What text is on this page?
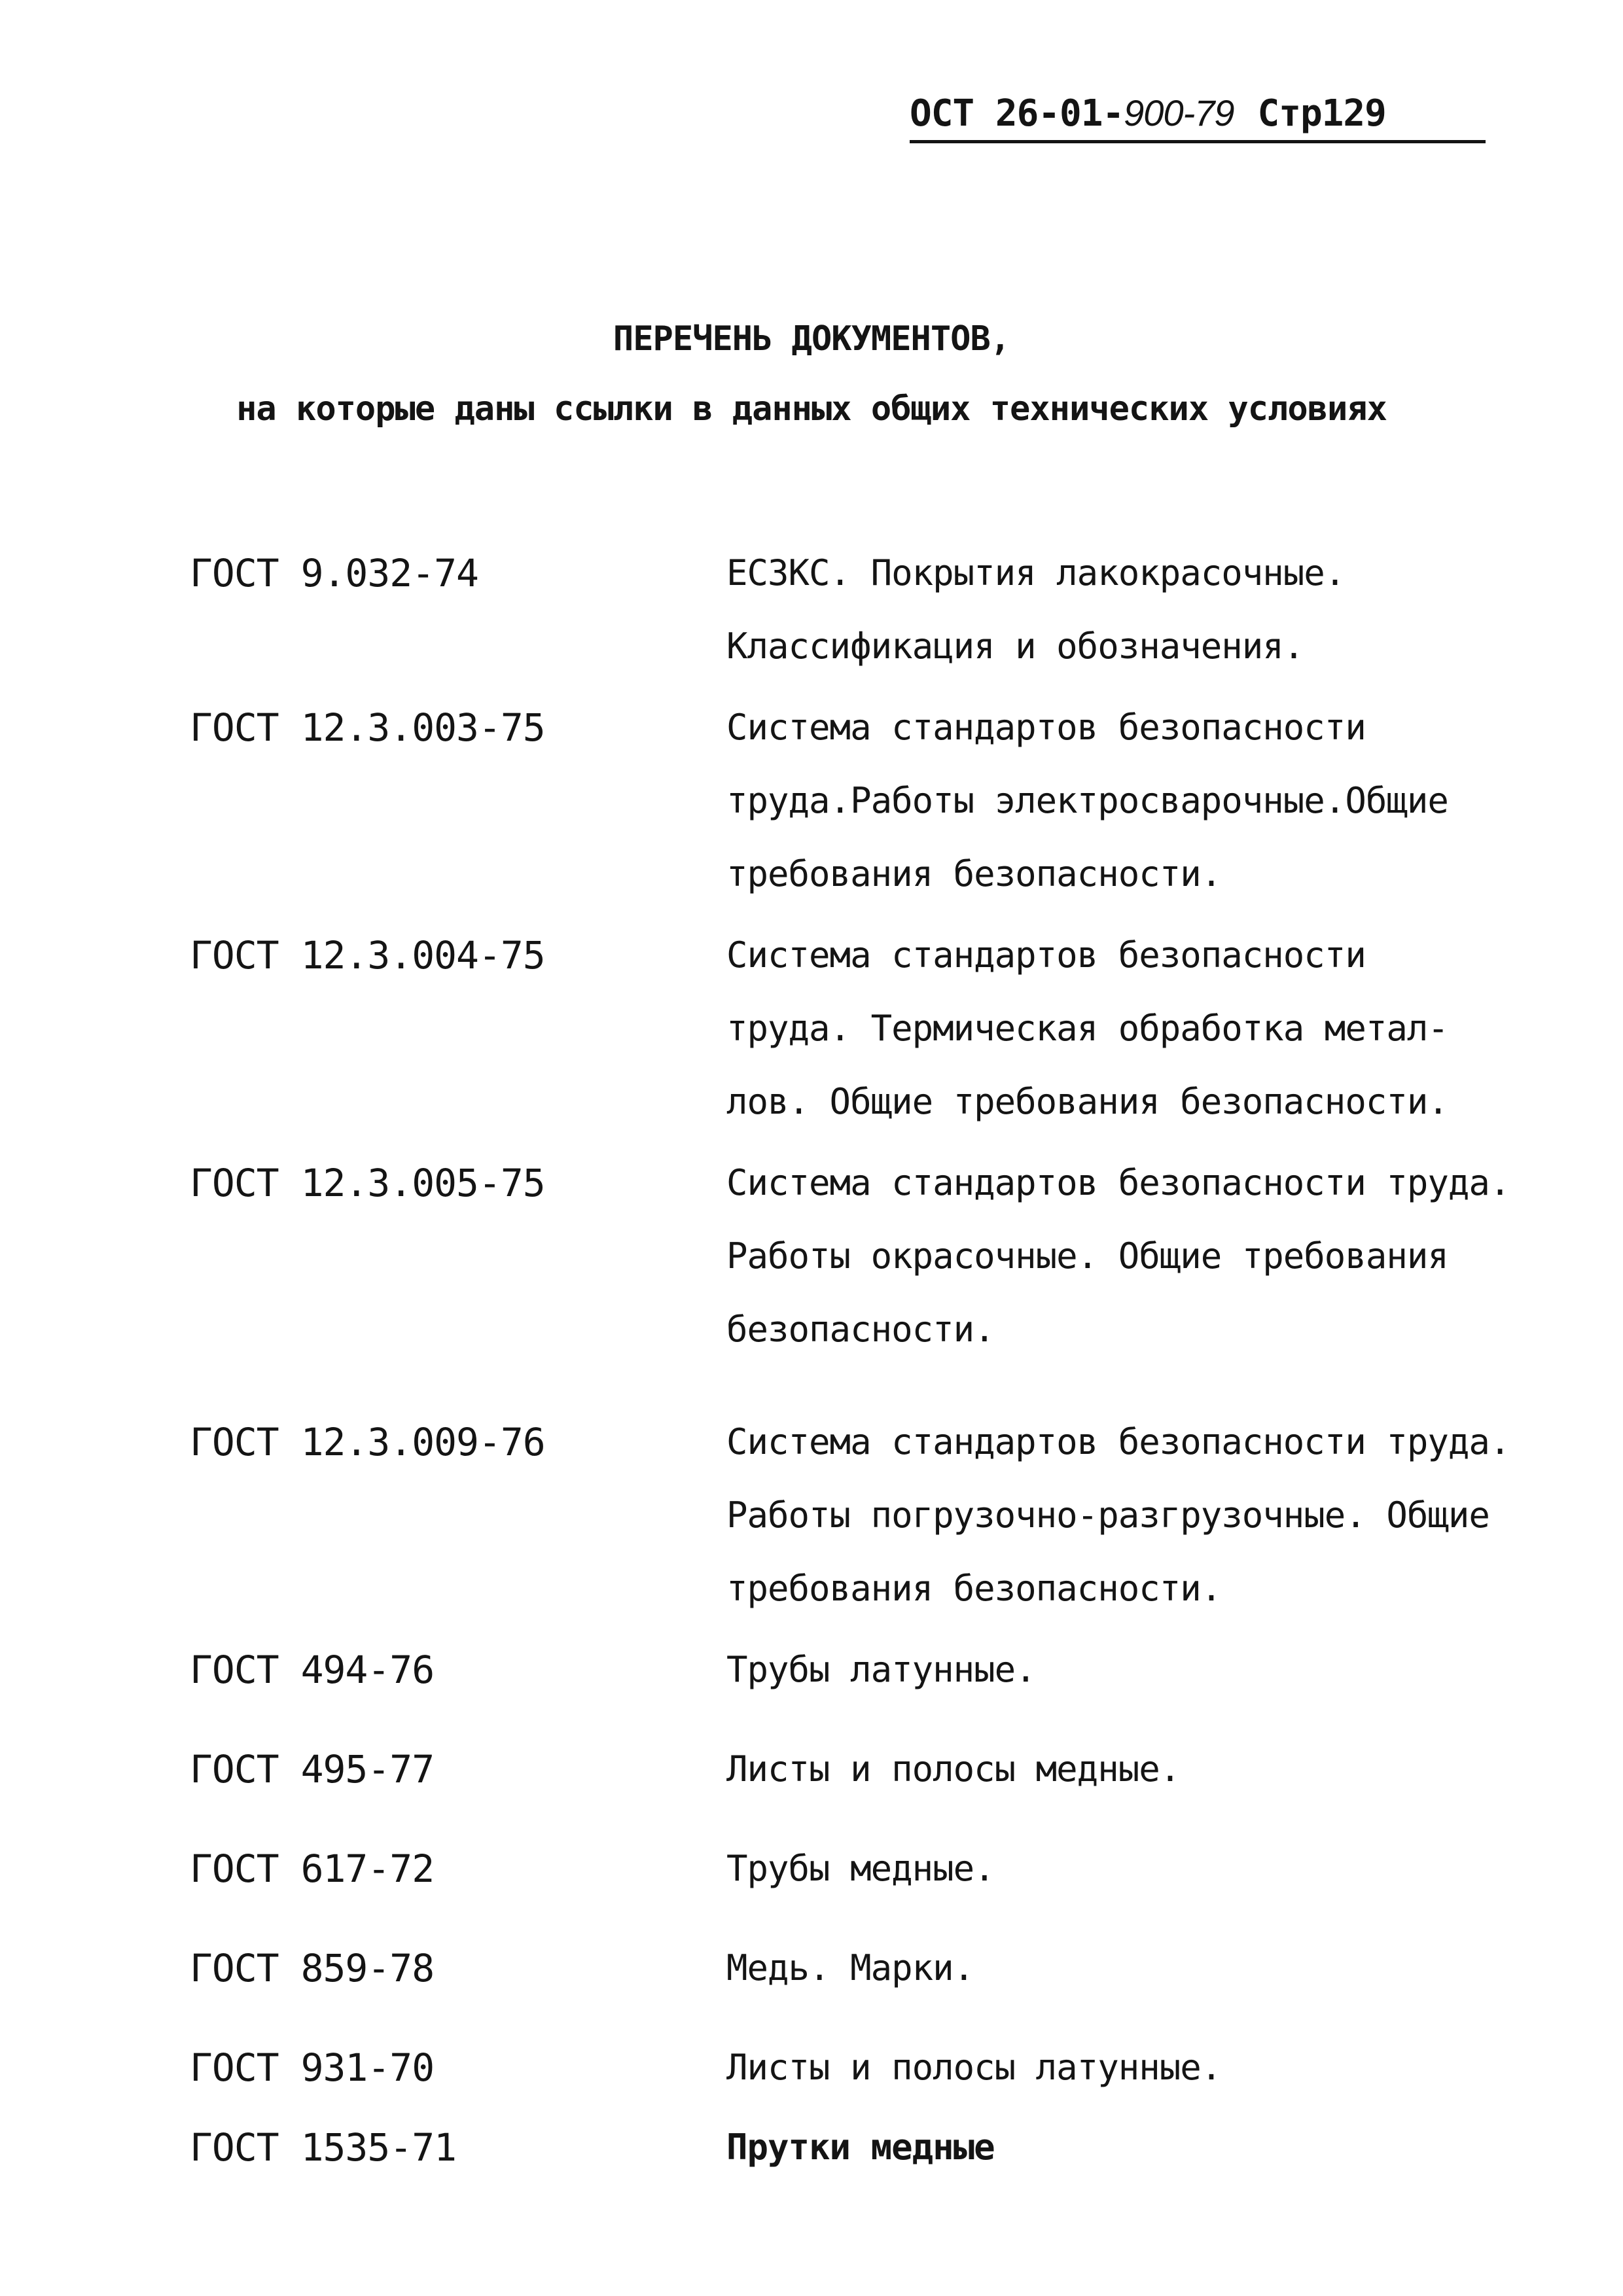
ОСТ 26-01-900-79 Стр129
ПЕРЕЧЕНЬ ДОКУМЕНТОВ,
на которые даны ссылки в данных общих технических условиях
ГОСТ 9.032-74	ЕСЗКС. Покрытия лакокрасочные.
Классификация и обозначения.
ГОСТ 12.3.003-75	Система стандартов безопасности
труда.Работы электросварочные.Общие
требования безопасности.
ГОСТ 12.3.004-75	Система стандартов безопасности
труда. Термическая обработка метал-
лов. Общие требования безопасности.
ГОСТ 12.3.005-75	Система стандартов безопасности труда.
Работы окрасочные. Общие требования
безопасности.
ГОСТ 12.3.009-76	Система стандартов безопасности труда.
Работы погрузочно-разгрузочные. Общие
требования безопасности.
ГОСТ 494-76	Трубы латунные.
ГОСТ 495-77	Листы и полосы медные.
ГОСТ 617-72	Трубы медные.
ГОСТ 859-78	Медь. Марки.
ГОСТ 931-70	Листы и полосы латунные.
ГОСТ 1535-71	Прутки медные
